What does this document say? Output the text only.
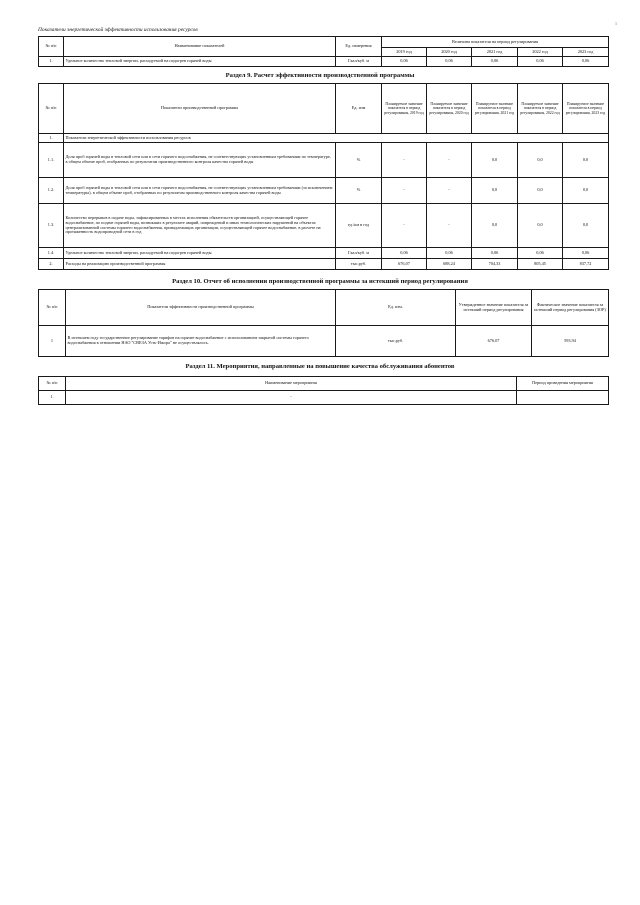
1
Показатели энергетической эффективности использования ресурсов
№ п/п	Наименование показателей	Ед. измерения	Величина показателя на период регулирования				
			2019 год	2020 год	2021 год	2022 год	2023 год
1.	Удельное количество тепловой энергии, расходуемой на подогрев горячей воды	Гкал/куб. м	0,06	0,06	0,06	0,06	0,06
Раздел 9. Расчет эффективности производственной программы
№ п/п	Показатели производственной программы	Ед. изм	Планируемое значение показателя в период регулирования, 2019 год	Планируемое значение показателя в период регулирования, 2020 год	Планируемое значение показателя в период регулирования, 2021 год	Планируемое значение показателя в период регулирования, 2022 год	Планируемое значение показателя в период регулирования, 2023 год
1.	Показатели энергетической эффективности использования ресурсов						
1.1.	Доля проб горячей воды в тепловой сети или в сети горячего водоснабжения, не соответствующих установленным требованиям по температуре, в общем объеме проб, отобранных по результатам производственного контроля качества горячей воды	%	-	-	0,0	0,0	0,0
1.2.	Доля проб горячей воды в тепловой сети или в сети горячего водоснабжения, не соответствующих установленным требованиям (за исключением температуры), в общем объеме проб, отобранных по результатам производственного контроля качества горячей воды	%	-	-	0,0	0,0	0,0
1.3.	Количество перерывов в подаче воды, зафиксированных в местах исполнения обязательств организацией, осуществляющей горячее водоснабжение, по подаче горячей воды, возникших в результате аварий, повреждений и иных технологических нарушений на объектах централизованной системы горячего водоснабжения, принадлежащих организации, осуществляющей горячее водоснабжение, в расчете на протяженность водопроводной сети в год	ед./км в год	-	-	0,0	0,0	0,0
1.4.	Удельное количество тепловой энергии, расходуемой на подогрев горячей воды	Гкал/куб. м	0,06	0,06	0,06	0,06	0,06
2.	Расходы на реализацию производственной программы	тыс.руб.	676,07	688,24	704,33	805,45	837,72
Раздел 10. Отчет об исполнении производственной программы за истекший период регулирования
№ п/п	Показатели эффективности производственной программы	Ед. изм.	Утвержденное значение показателя за истекший период регулирования	Фактическое значение показателя за истекший период регулирования (ЗОР)
1	В истекшем году государственное регулирование тарифов на горячее водоснабжение с использованием закрытой системы горячего водоснабжения в отношении НАО "СВЕЗА Усть-Ижора" не осуществлялось.	тыс.руб.	676,07	593,94
Раздел 11. Мероприятия, направленные на повышение качества обслуживания абонентов
№ п/п	Наименование мероприятия	Период проведения мероприятия
1.	-	
